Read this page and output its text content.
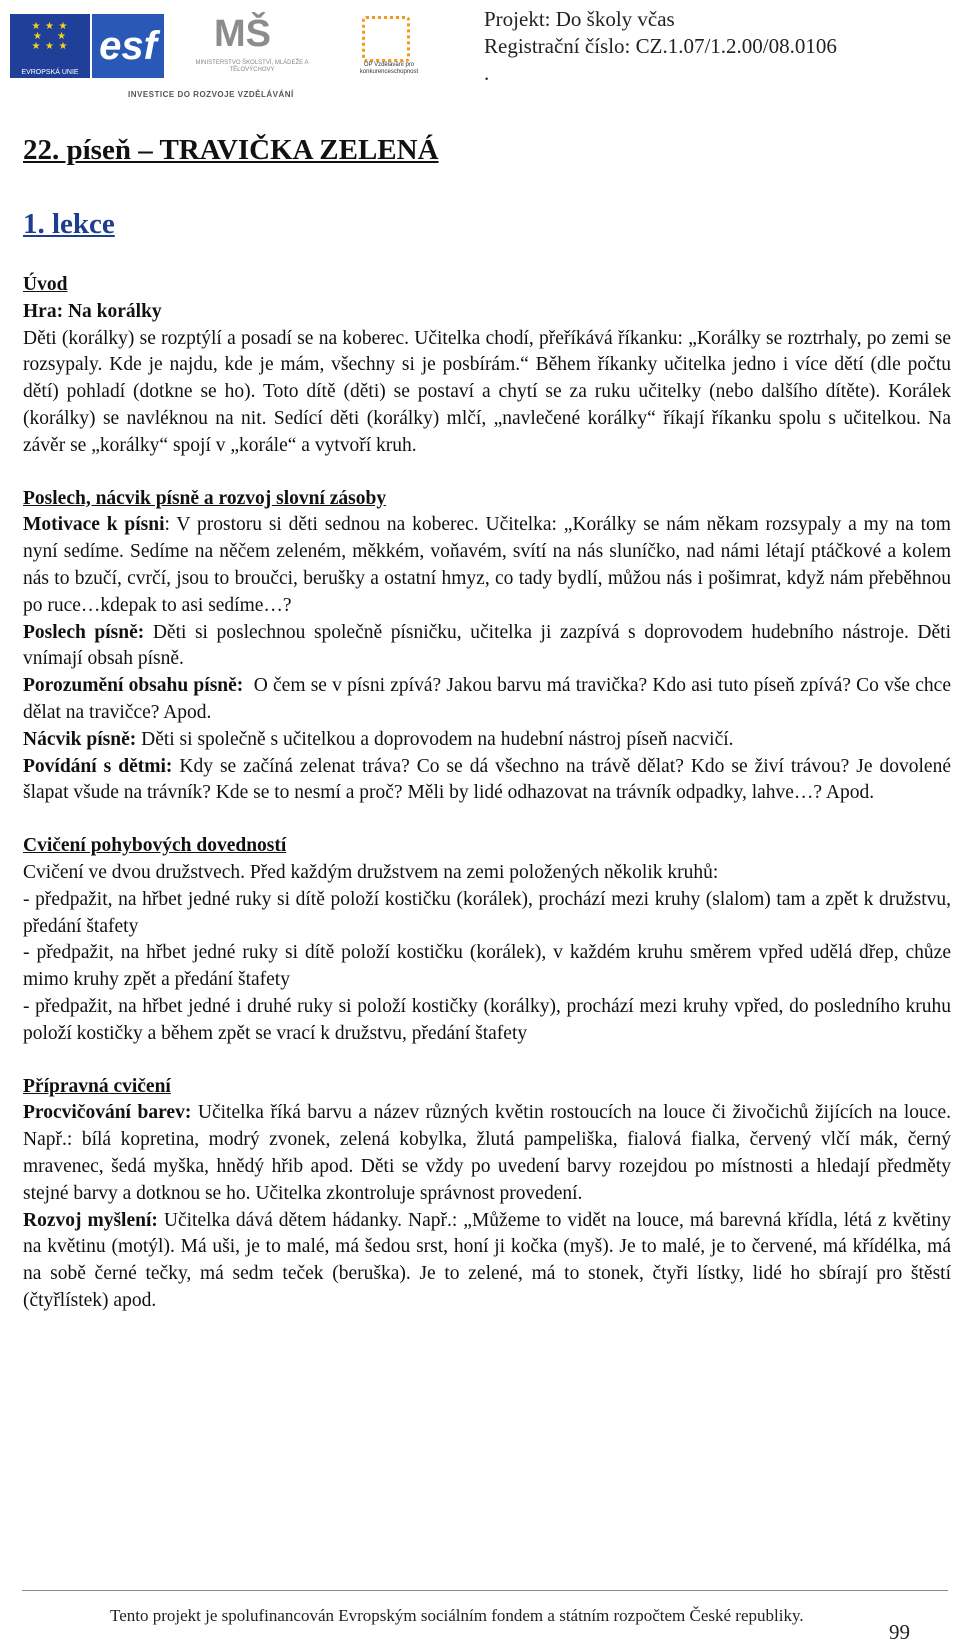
★ ★ ★
★    ★
★ ★ ★
EVROPSKÁ UNIE
esf MŠ
MINISTERSTVO ŠKOLSTVÍ, MLÁDEŽE A TĚLOVÝCHOVY
OP Vzdělávání pro konkurenceschopnost
INVESTICE DO ROZVOJE VZDĚLÁVÁNÍ
Projekt: Do školy včas
Registrační číslo: CZ.1.07/1.2.00/08.0106
.
22. píseň – TRAVIČKA ZELENÁ
1. lekce

Úvod

Hra: Na korálky

Děti (korálky) se rozptýlí a posadí se na koberec. Učitelka chodí, přeříkává říkanku: „Korálky se roztrhaly, po zemi se rozsypaly. Kde je najdu, kde je mám, všechny si je posbírám.“ Během říkanky učitelka jedno i více dětí (dle počtu dětí) pohladí (dotkne se ho). Toto dítě (děti) se postaví a chytí se za ruku učitelky (nebo dalšího dítěte). Korálek (korálky) se navléknou na nit. Sedící děti (korálky) mlčí, „navlečené korálky“ říkají říkanku spolu s učitelkou. Na závěr se „korálky“ spojí v „korále“ a vytvoří kruh.

Poslech, nácvik písně a rozvoj slovní zásoby

Motivace k písni: V prostoru si děti sednou na koberec. Učitelka: „Korálky se nám někam rozsypaly a my na tom nyní sedíme. Sedíme na něčem zeleném, měkkém, voňavém, svítí na nás sluníčko, nad námi létají ptáčkové a kolem nás to bzučí, cvrčí, jsou to broučci, berušky a ostatní hmyz, co tady bydlí, můžou nás i pošimrat, když nám přeběhnou po ruce…kdepak to asi sedíme…?

Poslech písně: Děti si poslechnou společně písničku, učitelka ji zazpívá s doprovodem hudebního nástroje. Děti vnímají obsah písně.

Porozumění obsahu písně: O čem se v písni zpívá? Jakou barvu má travička? Kdo asi tuto píseň zpívá? Co vše chce dělat na travičce? Apod.

Nácvik písně: Děti si společně s učitelkou a doprovodem na hudební nástroj píseň nacvičí.

Povídání s dětmi: Kdy se začíná zelenat tráva? Co se dá všechno na trávě dělat? Kdo se živí trávou? Je dovolené šlapat všude na trávník? Kde se to nesmí a proč? Měli by lidé odhazovat na trávník odpadky, lahve…? Apod.

Cvičení pohybových dovedností

Cvičení ve dvou družstvech. Před každým družstvem na zemi položených několik kruhů:

- předpažit, na hřbet jedné ruky si dítě položí kostičku (korálek), prochází mezi kruhy (slalom) tam a zpět k družstvu, předání štafety

- předpažit, na hřbet jedné ruky si dítě položí kostičku (korálek), v každém kruhu směrem vpřed udělá dřep, chůze mimo kruhy zpět a předání štafety

- předpažit, na hřbet jedné i druhé ruky si položí kostičky (korálky), prochází mezi kruhy vpřed, do posledního kruhu položí kostičky a během zpět se vrací k družstvu, předání štafety

Přípravná cvičení

Procvičování barev: Učitelka říká barvu a název různých květin rostoucích na louce či živočichů žijících na louce. Např.: bílá kopretina, modrý zvonek, zelená kobylka, žlutá pampeliška, fialová fialka, červený vlčí mák, černý mravenec, šedá myška, hnědý hřib apod. Děti se vždy po uvedení barvy rozejdou po místnosti a hledají předměty stejné barvy a dotknou se ho. Učitelka zkontroluje správnost provedení.

Rozvoj myšlení: Učitelka dává dětem hádanky. Např.: „Můžeme to vidět na louce, má barevná křídla, létá z květiny na květinu (motýl). Má uši, je to malé, má šedou srst, honí ji kočka (myš). Je to malé, je to červené, má křídélka, má na sobě černé tečky, má sedm teček (beruška). Je to zelené, má to stonek, čtyři lístky, lidé ho sbírají pro štěstí (čtyřlístek) apod.

Tento projekt je spolufinancován Evropským sociálním fondem a státním rozpočtem České republiky.
99
